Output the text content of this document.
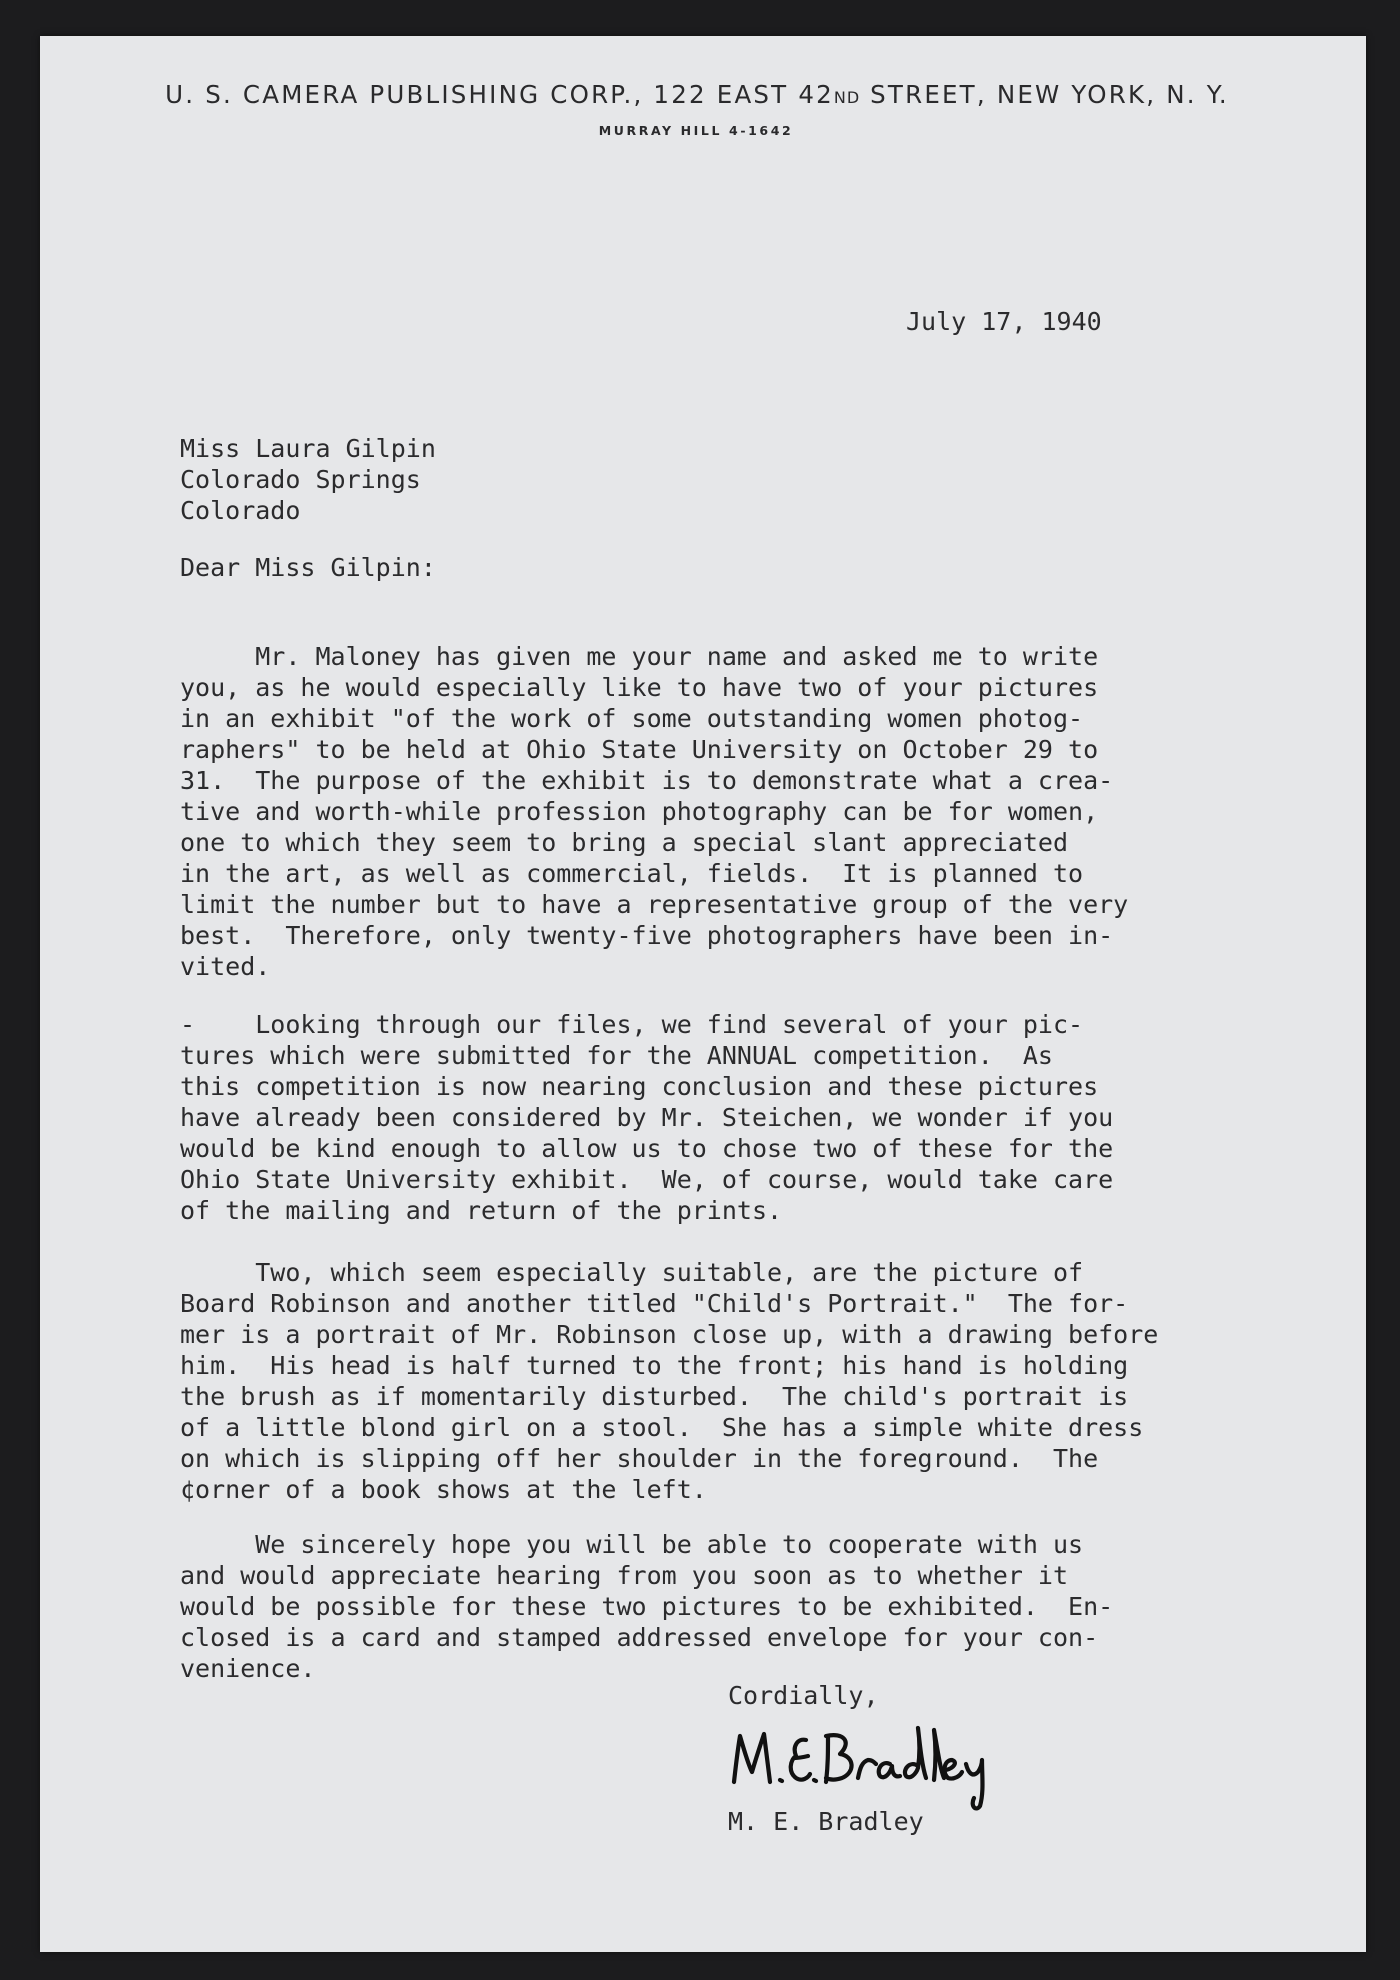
U. S. CAMERA PUBLISHING CORP., 122 EAST 42ND STREET, NEW YORK, N. Y.
MURRAY HILL 4-1642
July 17, 1940
Miss Laura Gilpin
Colorado Springs
Colorado
Dear Miss Gilpin:

Mr. Maloney has given me your name and asked me to write
you, as he would especially like to have two of your pictures
in an exhibit "of the work of some outstanding women photog-
raphers" to be held at Ohio State University on October 29 to
31.  The purpose of the exhibit is to demonstrate what a crea-
tive and worth-while profession photography can be for women,
one to which they seem to bring a special slant appreciated
in the art, as well as commercial, fields.  It is planned to
limit the number but to have a representative group of the very
best.  Therefore, only twenty-five photographers have been in-
vited.

-    Looking through our files, we find several of your pic-
tures which were submitted for the ANNUAL competition.  As
this competition is now nearing conclusion and these pictures
have already been considered by Mr. Steichen, we wonder if you
would be kind enough to allow us to chose two of these for the
Ohio State University exhibit.  We, of course, would take care
of the mailing and return of the prints.

Two, which seem especially suitable, are the picture of
Board Robinson and another titled "Child's Portrait."  The for-
mer is a portrait of Mr. Robinson close up, with a drawing before
him.  His head is half turned to the front; his hand is holding
the brush as if momentarily disturbed.  The child's portrait is
of a little blond girl on a stool.  She has a simple white dress
on which is slipping off her shoulder in the foreground.  The
¢orner of a book shows at the left.

We sincerely hope you will be able to cooperate with us
and would appreciate hearing from you soon as to whether it
would be possible for these two pictures to be exhibited.  En-
closed is a card and stamped addressed envelope for your con-
venience.
Cordially,
M. E. Bradley
